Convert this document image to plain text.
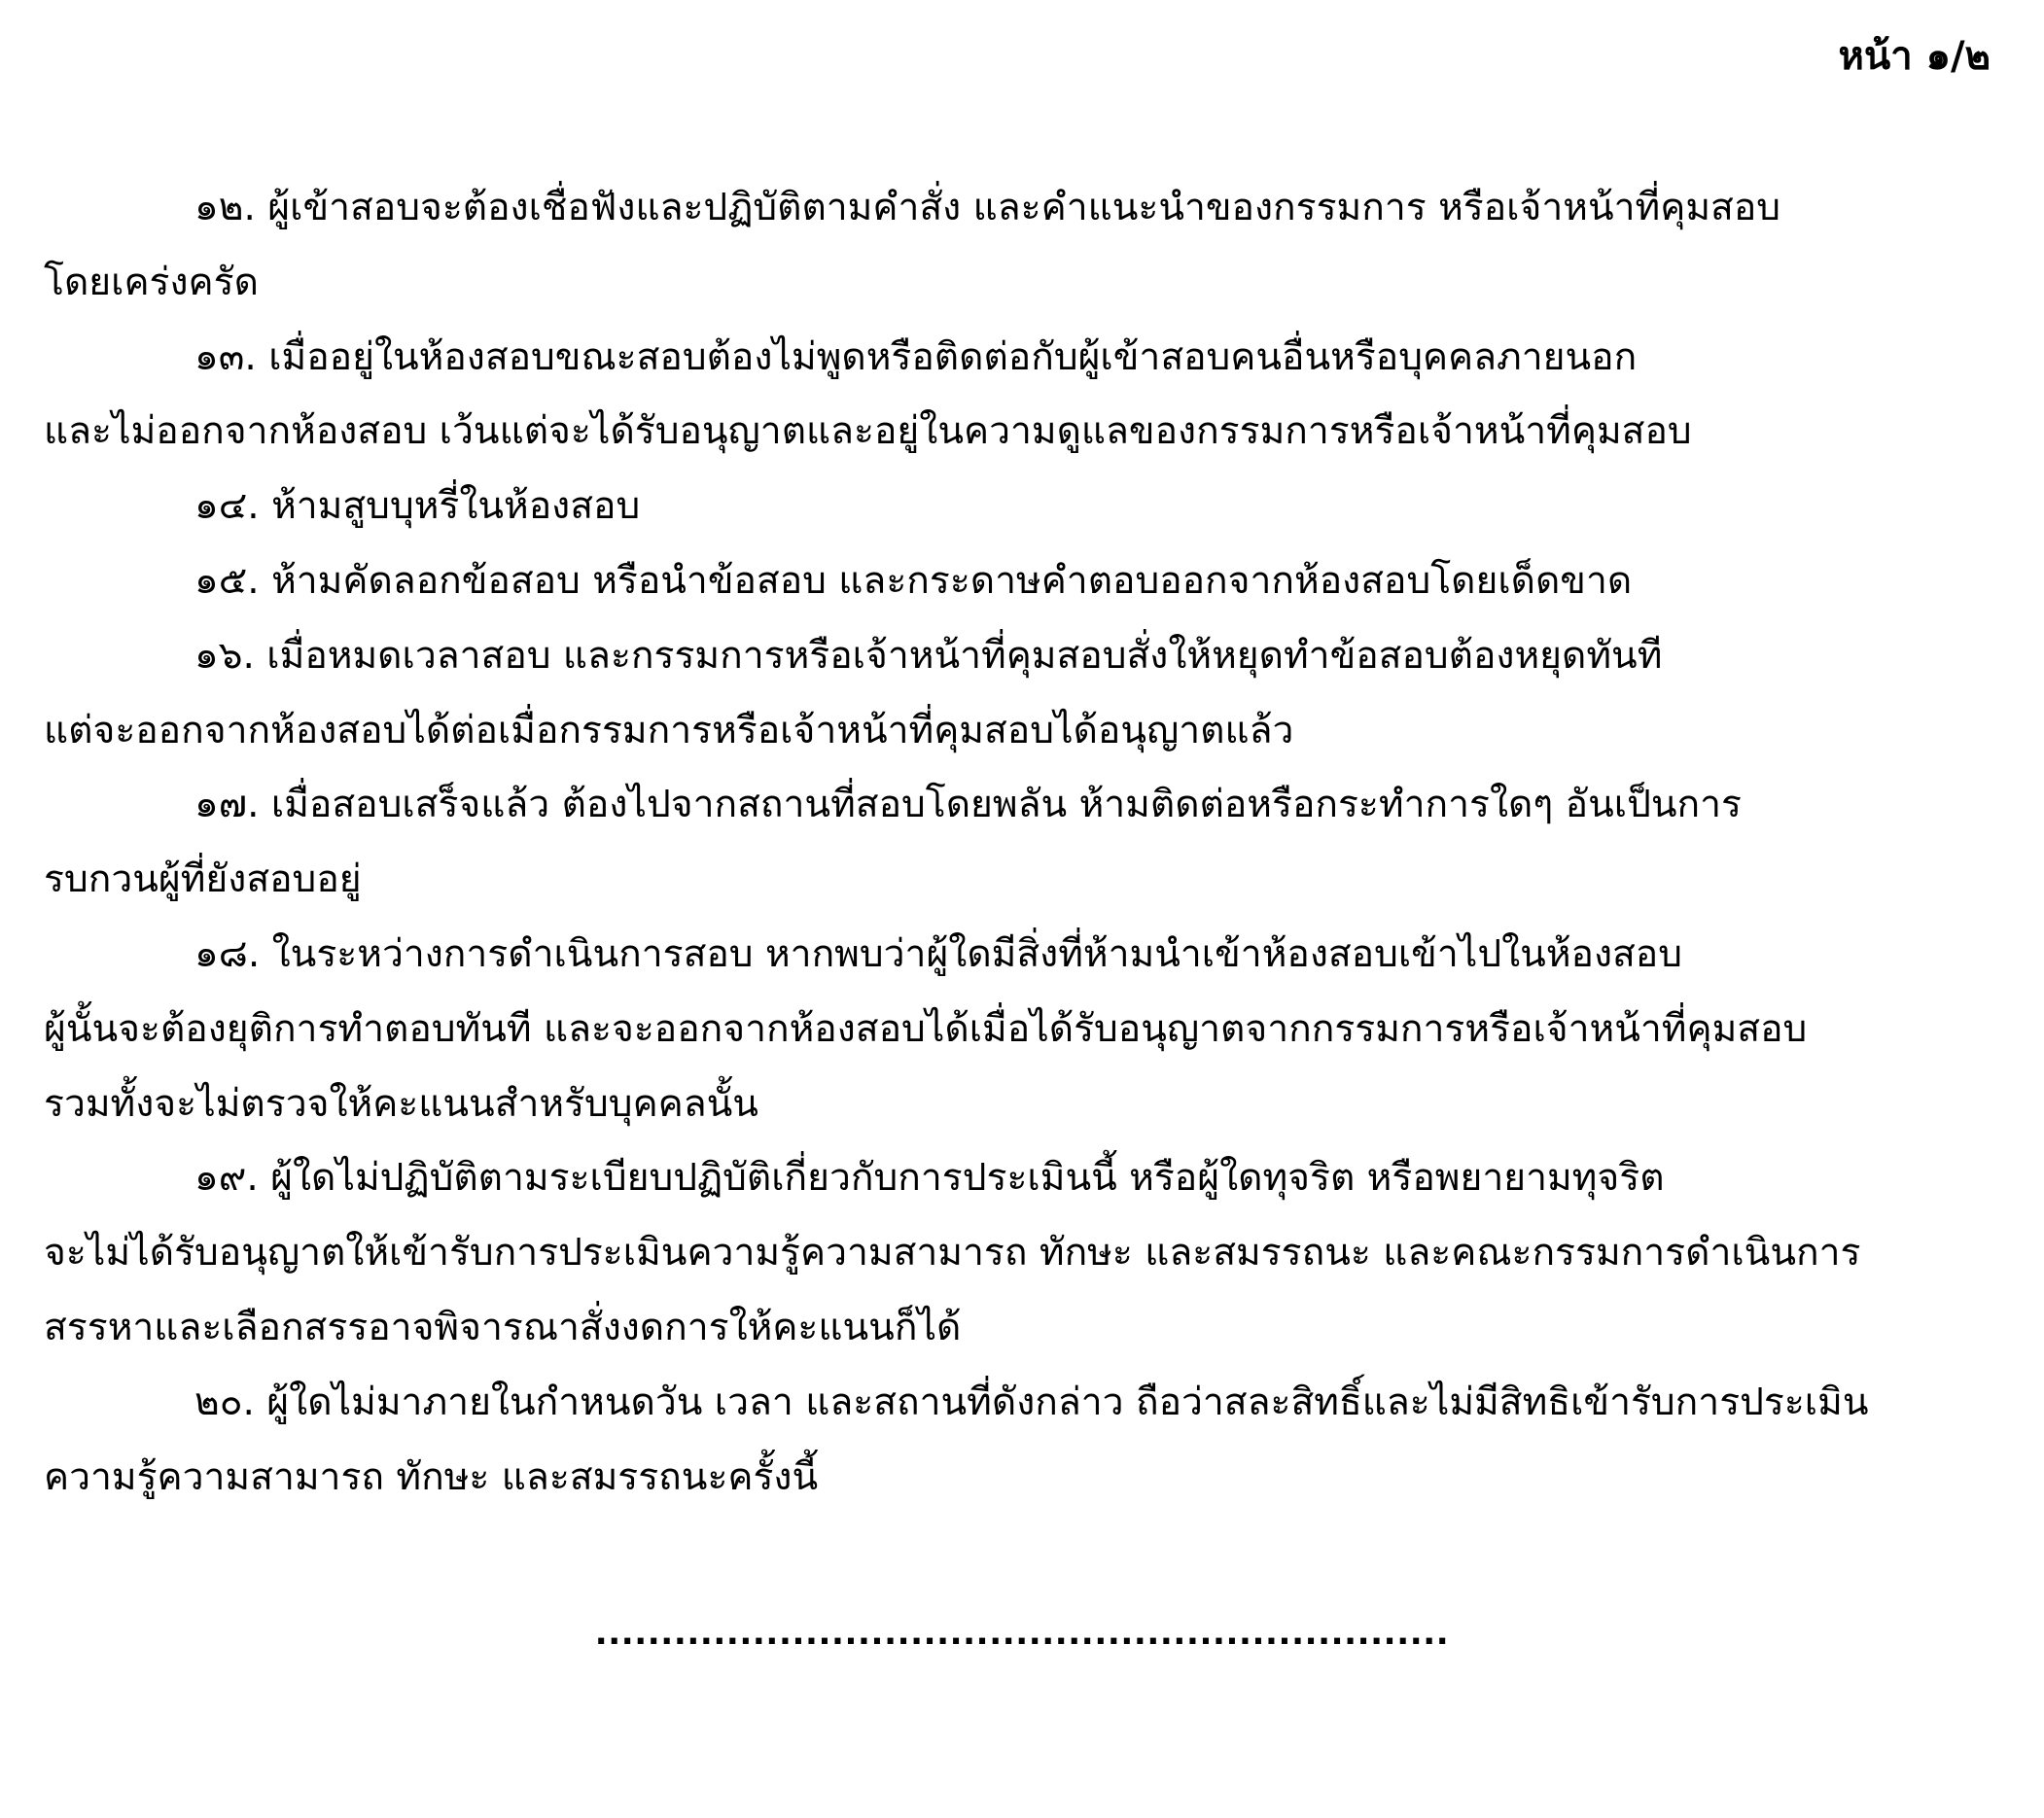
หน้า ๑/๒

๑๒. ผู้เข้าสอบจะต้องเชื่อฟังและปฏิบัติตามคำสั่ง และคำแนะนำของกรรมการ หรือเจ้าหน้าที่คุมสอบ
โดยเคร่งครัด

๑๓. เมื่ออยู่ในห้องสอบขณะสอบต้องไม่พูดหรือติดต่อกับผู้เข้าสอบคนอื่นหรือบุคคลภายนอก
และไม่ออกจากห้องสอบ เว้นแต่จะได้รับอนุญาตและอยู่ในความดูแลของกรรมการหรือเจ้าหน้าที่คุมสอบ

๑๔. ห้ามสูบบุหรี่ในห้องสอบ

๑๕. ห้ามคัดลอกข้อสอบ หรือนำข้อสอบ และกระดาษคำตอบออกจากห้องสอบโดยเด็ดขาด

๑๖. เมื่อหมดเวลาสอบ และกรรมการหรือเจ้าหน้าที่คุมสอบสั่งให้หยุดทำข้อสอบต้องหยุดทันที
แต่จะออกจากห้องสอบได้ต่อเมื่อกรรมการหรือเจ้าหน้าที่คุมสอบได้อนุญาตแล้ว

๑๗. เมื่อสอบเสร็จแล้ว ต้องไปจากสถานที่สอบโดยพลัน ห้ามติดต่อหรือกระทำการใดๆ อันเป็นการ
รบกวนผู้ที่ยังสอบอยู่

๑๘. ในระหว่างการดำเนินการสอบ หากพบว่าผู้ใดมีสิ่งที่ห้ามนำเข้าห้องสอบเข้าไปในห้องสอบ
ผู้นั้นจะต้องยุติการทำตอบทันที และจะออกจากห้องสอบได้เมื่อได้รับอนุญาตจากกรรมการหรือเจ้าหน้าที่คุมสอบ
รวมทั้งจะไม่ตรวจให้คะแนนสำหรับบุคคลนั้น

๑๙. ผู้ใดไม่ปฏิบัติตามระเบียบปฏิบัติเกี่ยวกับการประเมินนี้ หรือผู้ใดทุจริต หรือพยายามทุจริต
จะไม่ได้รับอนุญาตให้เข้ารับการประเมินความรู้ความสามารถ ทักษะ และสมรรถนะ และคณะกรรมการดำเนินการ
สรรหาและเลือกสรรอาจพิจารณาสั่งงดการให้คะแนนก็ได้

๒๐. ผู้ใดไม่มาภายในกำหนดวัน เวลา และสถานที่ดังกล่าว ถือว่าสละสิทธิ์และไม่มีสิทธิเข้ารับการประเมิน
ความรู้ความสามารถ ทักษะ และสมรรถนะครั้งนี้

.................................................................
